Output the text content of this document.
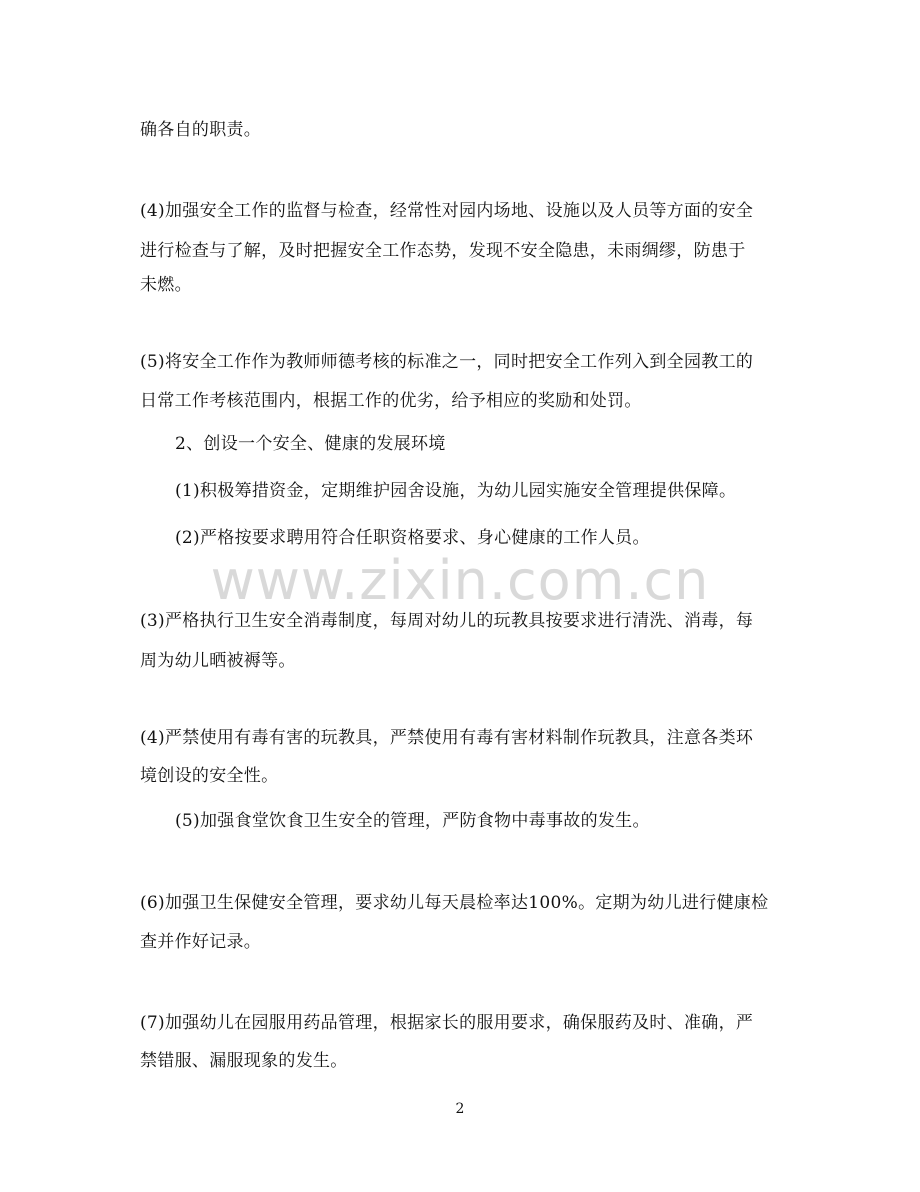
www.zixin.com.cn
确各自的职责。
(4)加强安全工作的监督与检查，经常性对园内场地、设施以及人员等方面的安全
进行检查与了解，及时把握安全工作态势，发现不安全隐患，未雨绸缪，防患于
未燃。
(5)将安全工作作为教师师德考核的标准之一，同时把安全工作列入到全园教工的
日常工作考核范围内，根据工作的优劣，给予相应的奖励和处罚。
2、创设一个安全、健康的发展环境
(1)积极筹措资金，定期维护园舍设施，为幼儿园实施安全管理提供保障。
(2)严格按要求聘用符合任职资格要求、身心健康的工作人员。
(3)严格执行卫生安全消毒制度，每周对幼儿的玩教具按要求进行清洗、消毒，每
周为幼儿晒被褥等。
(4)严禁使用有毒有害的玩教具，严禁使用有毒有害材料制作玩教具，注意各类环
境创设的安全性。
(5)加强食堂饮食卫生安全的管理，严防食物中毒事故的发生。
(6)加强卫生保健安全管理，要求幼儿每天晨检率达100%。定期为幼儿进行健康检
查并作好记录。
(7)加强幼儿在园服用药品管理，根据家长的服用要求，确保服药及时、准确，严
禁错服、漏服现象的发生。
2
